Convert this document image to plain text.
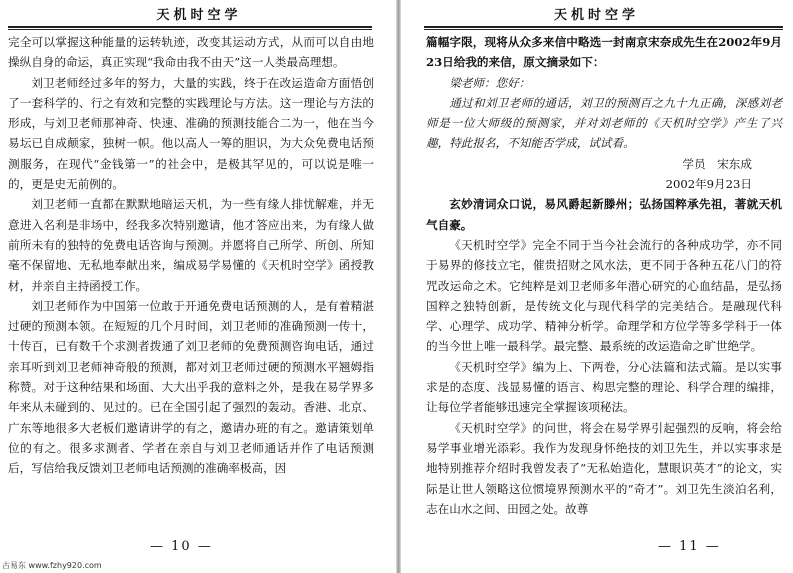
天机时空学

完全可以掌握这种能量的运转轨迹，改变其运动方式，从而可以自由地操纵自身的命运，真正实现“我命由我不由天”这一人类最高理想。

刘卫老师经过多年的努力，大量的实践，终于在改运造命方面悟创了一套科学的、行之有效和完整的实践理论与方法。这一理论与方法的形成，与刘卫老师那神奇、快速、准确的预测技能合二为一，他在当今易坛已自成颠家，独树一帜。他以高人一筹的胆识，为大众免费电话预测服务，在现代“金钱第一”的社会中，是极其罕见的，可以说是唯一的，更是史无前例的。

刘卫老师一直都在默默地暗运天机，为一些有缘人排忧解难，并无意进入名利是非场中，经我多次特别邀请，他才答应出来，为有缘人做前所未有的独特的免费电话咨询与预测。并愿将自己所学、所创、所知毫不保留地、无私地奉献出来，编成易学易懂的《天机时空学》函授教材，并亲自主持函授工作。

刘卫老师作为中国第一位敢于开通免费电话预测的人，是有着精湛过硬的预测本领。在短短的几个月时间，刘卫老师的准确预测一传十，十传百，已有数千个求测者拨通了刘卫老师的免费预测咨询电话，通过亲耳听到刘卫老师神奇般的预测，都对刘卫老师过硬的预测水平翘姆指称赞。对于这种结果和场面、大大出乎我的意料之外，是我在易学界多年来从未碰到的、见过的。已在全国引起了强烈的轰动。香港、北京、广东等地很多大老板们邀请讲学的有之，邀请办班的有之。邀请策划单位的有之。很多求测者、学者在亲自与刘卫老师通话并作了电话预测后，写信给我反馈刘卫老师电话预测的准确率极高，因

— 10 —
天机时空学

篇幅字限，现将从众多来信中略选一封南京宋奈成先生在2002年9月23日给我的来信，原文摘录如下：

梁老师：您好：

通过和刘卫老师的通话，刘卫的预测百之九十九正确，深感刘老师是一位大师级的预测家，并对刘老师的《天机时空学》产生了兴趣，特此报名，不知能否学成，试试看。

学员　宋东成

2002年9月23日

玄妙清词众口说，易风爵起新滕州；弘扬国粹承先祖，著就天机气自豪。

《天机时空学》完全不同于当今社会流行的各种成功学，亦不同于易界的修技立宅，催贵招财之风水法，更不同于各种五花八门的符咒改运命之术。它纯粹是刘卫老师多年潜心研究的心血结晶，是弘扬国粹之独特创新，是传统文化与现代科学的完美结合。是融现代科学、心理学、成功学、精神分析学。命理学和方位学等多学科于一体的当今世上唯一最科学。最完整、最系统的改运造命之旷世绝学。

《天机时空学》编为上、下两卷，分心法篇和法式篇。是以实事求是的态度、浅显易懂的语言、构思完整的理论、科学合理的编排，让每位学者能够迅速完全掌握该项秘法。

《天机时空学》的问世，将会在易学界引起强烈的反响，将会给易学事业增光添彩。我作为发现身怀绝技的刘卫先生，并以实事求是地特别推荐介绍时我曾发表了“无私始造化，慧眼识英才”的论文，实际是让世人领略这位惯境界预测水平的“奇才”。刘卫先生淡泊名利，志在山水之间、田园之处。故尊

— 11 —
古易东 www.fzhy920.com
